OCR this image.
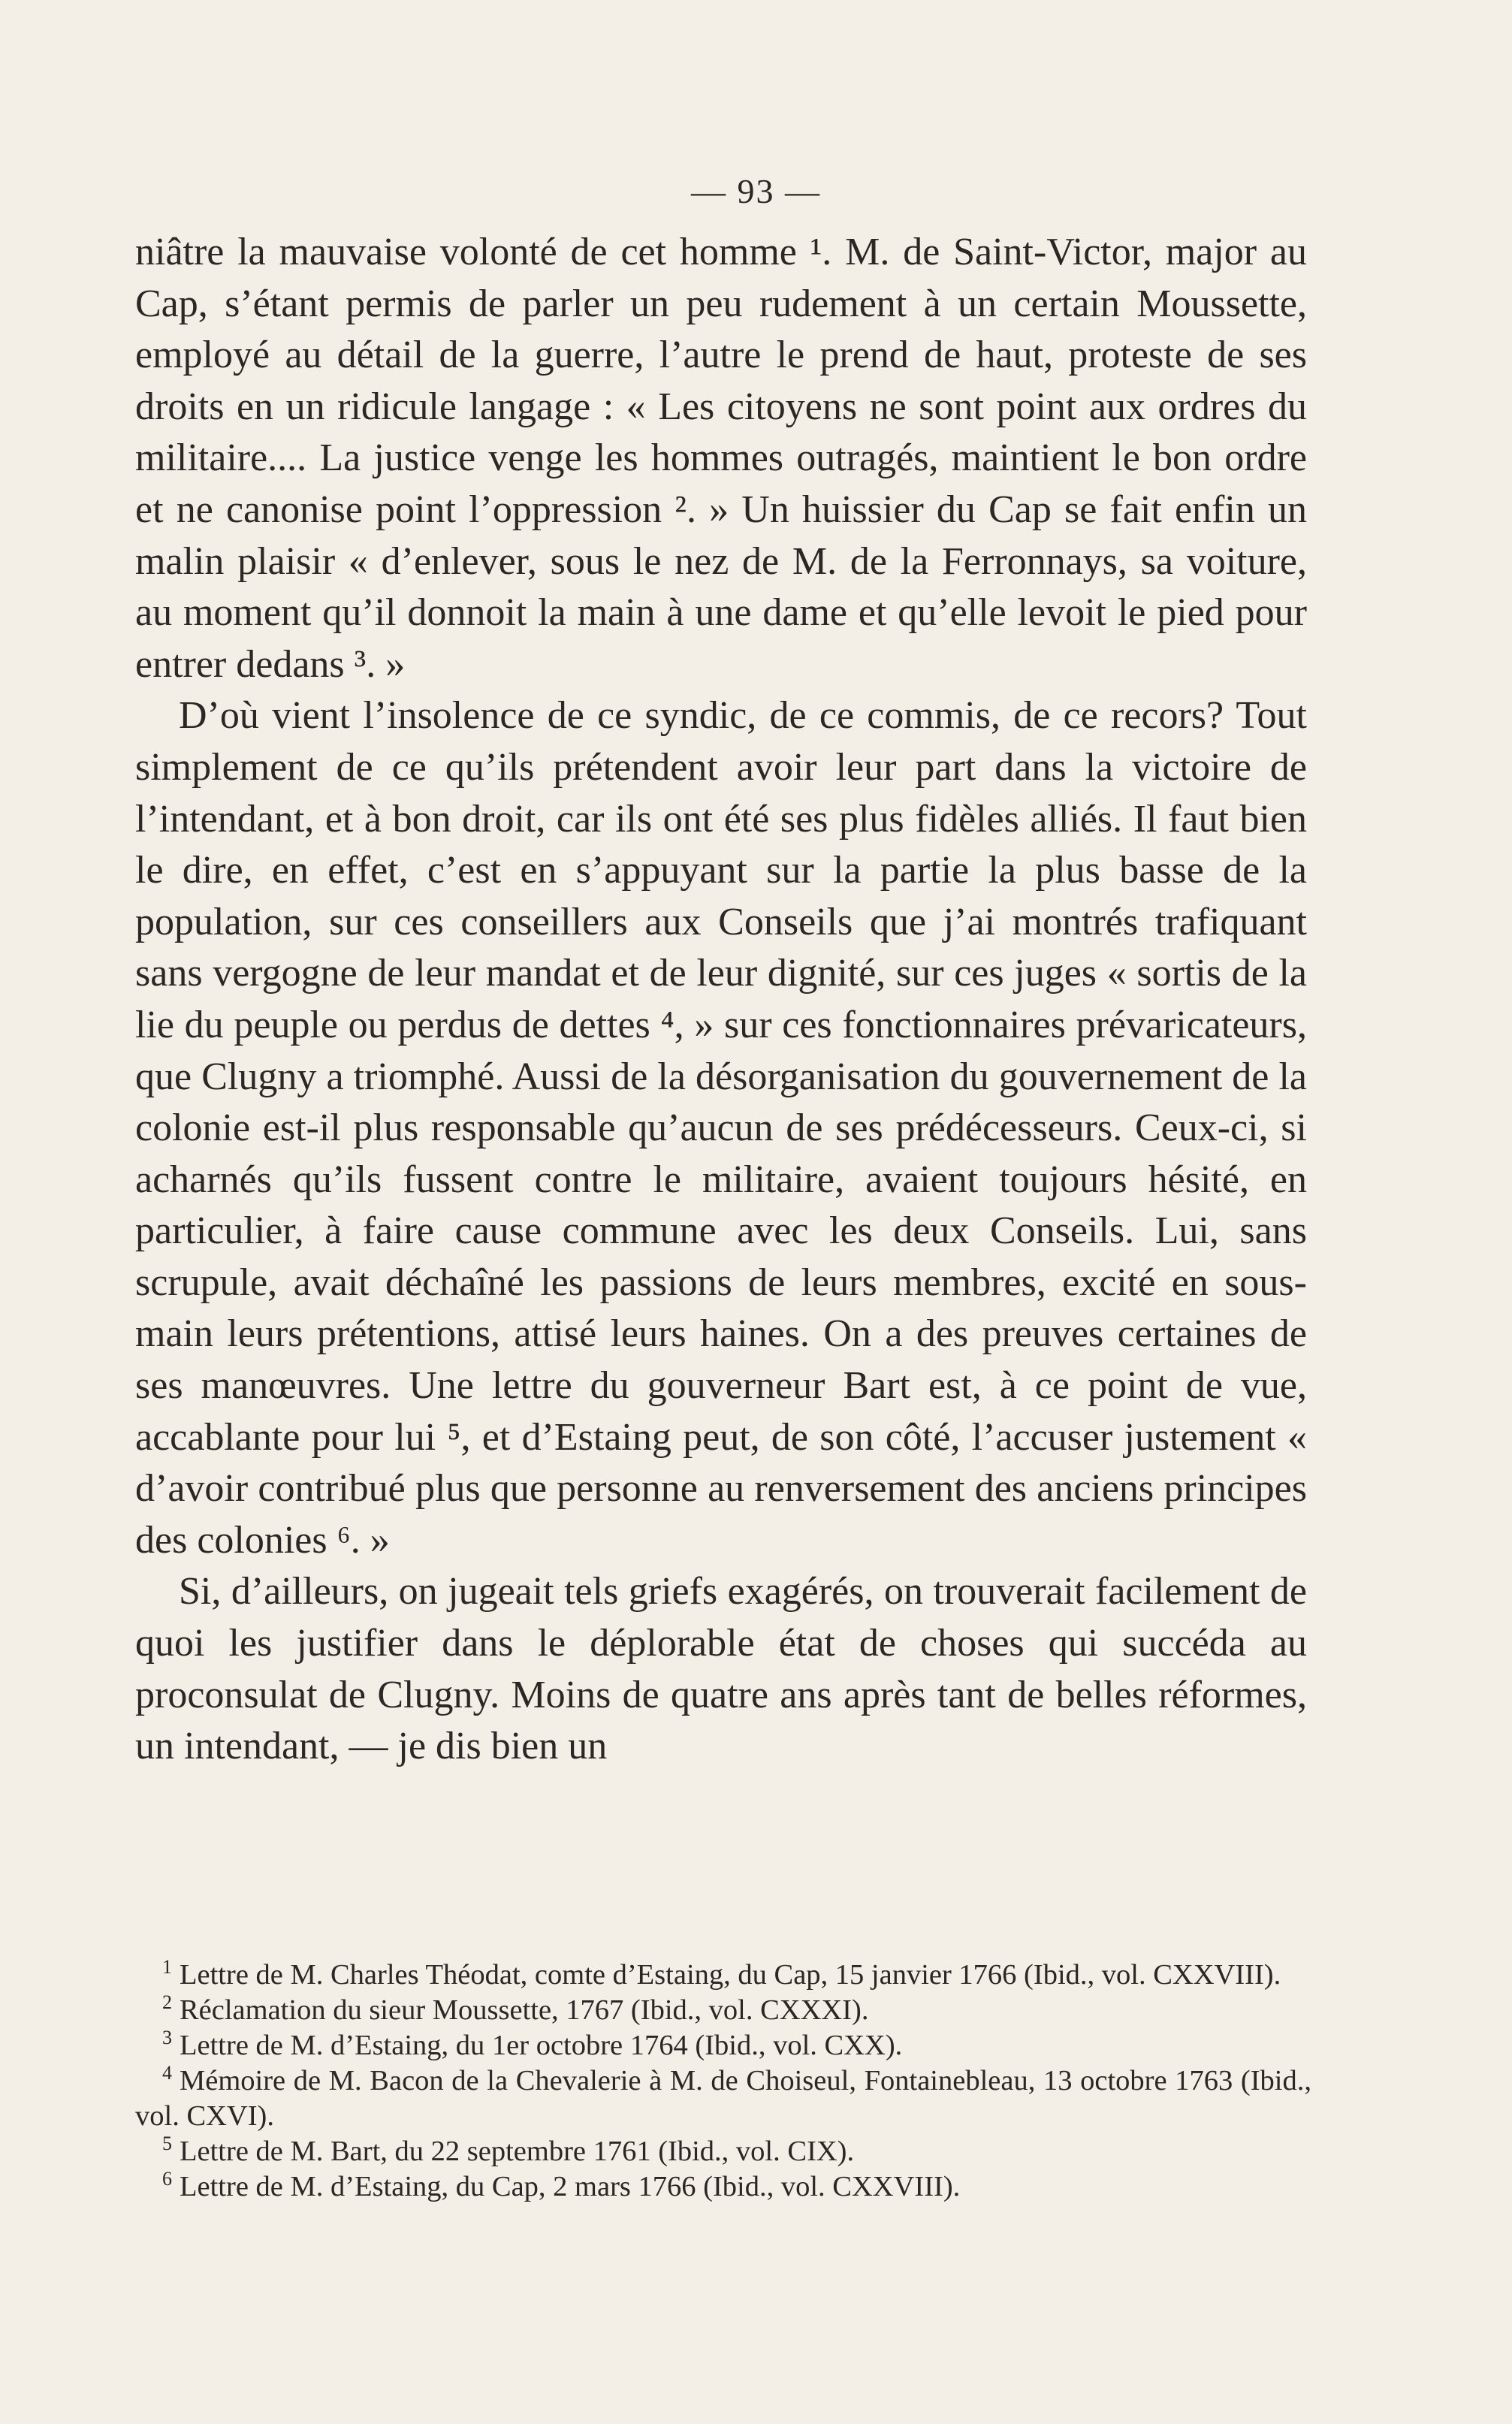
— 93 —

niâtre la mauvaise volonté de cet homme ¹. M. de Saint-Victor, major au Cap, s’étant permis de parler un peu rudement à un certain Moussette, employé au détail de la guerre, l’autre le prend de haut, proteste de ses droits en un ridicule langage : « Les citoyens ne sont point aux ordres du militaire.... La justice venge les hommes outragés, maintient le bon ordre et ne canonise point l’oppression ². » Un huissier du Cap se fait enfin un malin plaisir « d’enlever, sous le nez de M. de la Ferronnays, sa voiture, au moment qu’il donnoit la main à une dame et qu’elle levoit le pied pour entrer dedans ³. »

D’où vient l’insolence de ce syndic, de ce commis, de ce recors? Tout simplement de ce qu’ils prétendent avoir leur part dans la victoire de l’intendant, et à bon droit, car ils ont été ses plus fidèles alliés. Il faut bien le dire, en effet, c’est en s’appuyant sur la partie la plus basse de la population, sur ces conseillers aux Conseils que j’ai montrés trafiquant sans vergogne de leur mandat et de leur dignité, sur ces juges « sortis de la lie du peuple ou perdus de dettes ⁴, » sur ces fonctionnaires prévaricateurs, que Clugny a triomphé. Aussi de la désorganisation du gouvernement de la colonie est-il plus responsable qu’aucun de ses prédécesseurs. Ceux-ci, si acharnés qu’ils fussent contre le militaire, avaient toujours hésité, en particulier, à faire cause commune avec les deux Conseils. Lui, sans scrupule, avait déchaîné les passions de leurs membres, excité en sous-main leurs prétentions, attisé leurs haines. On a des preuves certaines de ses manœuvres. Une lettre du gouverneur Bart est, à ce point de vue, accablante pour lui ⁵, et d’Estaing peut, de son côté, l’accuser justement « d’avoir contribué plus que personne au renversement des anciens principes des colonies ⁶. »

Si, d’ailleurs, on jugeait tels griefs exagérés, on trouverait facilement de quoi les justifier dans le déplorable état de choses qui succéda au proconsulat de Clugny. Moins de quatre ans après tant de belles réformes, un intendant, — je dis bien un

$^1$ Lettre de M. Charles Théodat, comte d’Estaing, du Cap, 15 janvier 1766 (Ibid., vol. CXXVIII).

$^2$ Réclamation du sieur Moussette, 1767 (Ibid., vol. CXXXI).

$^3$ Lettre de M. d’Estaing, du 1er octobre 1764 (Ibid., vol. CXX).

$^4$ Mémoire de M. Bacon de la Chevalerie à M. de Choiseul, Fontainebleau, 13 octobre 1763 (Ibid., vol. CXVI).

$^5$ Lettre de M. Bart, du 22 septembre 1761 (Ibid., vol. CIX).

$^6$ Lettre de M. d’Estaing, du Cap, 2 mars 1766 (Ibid., vol. CXXVIII).
